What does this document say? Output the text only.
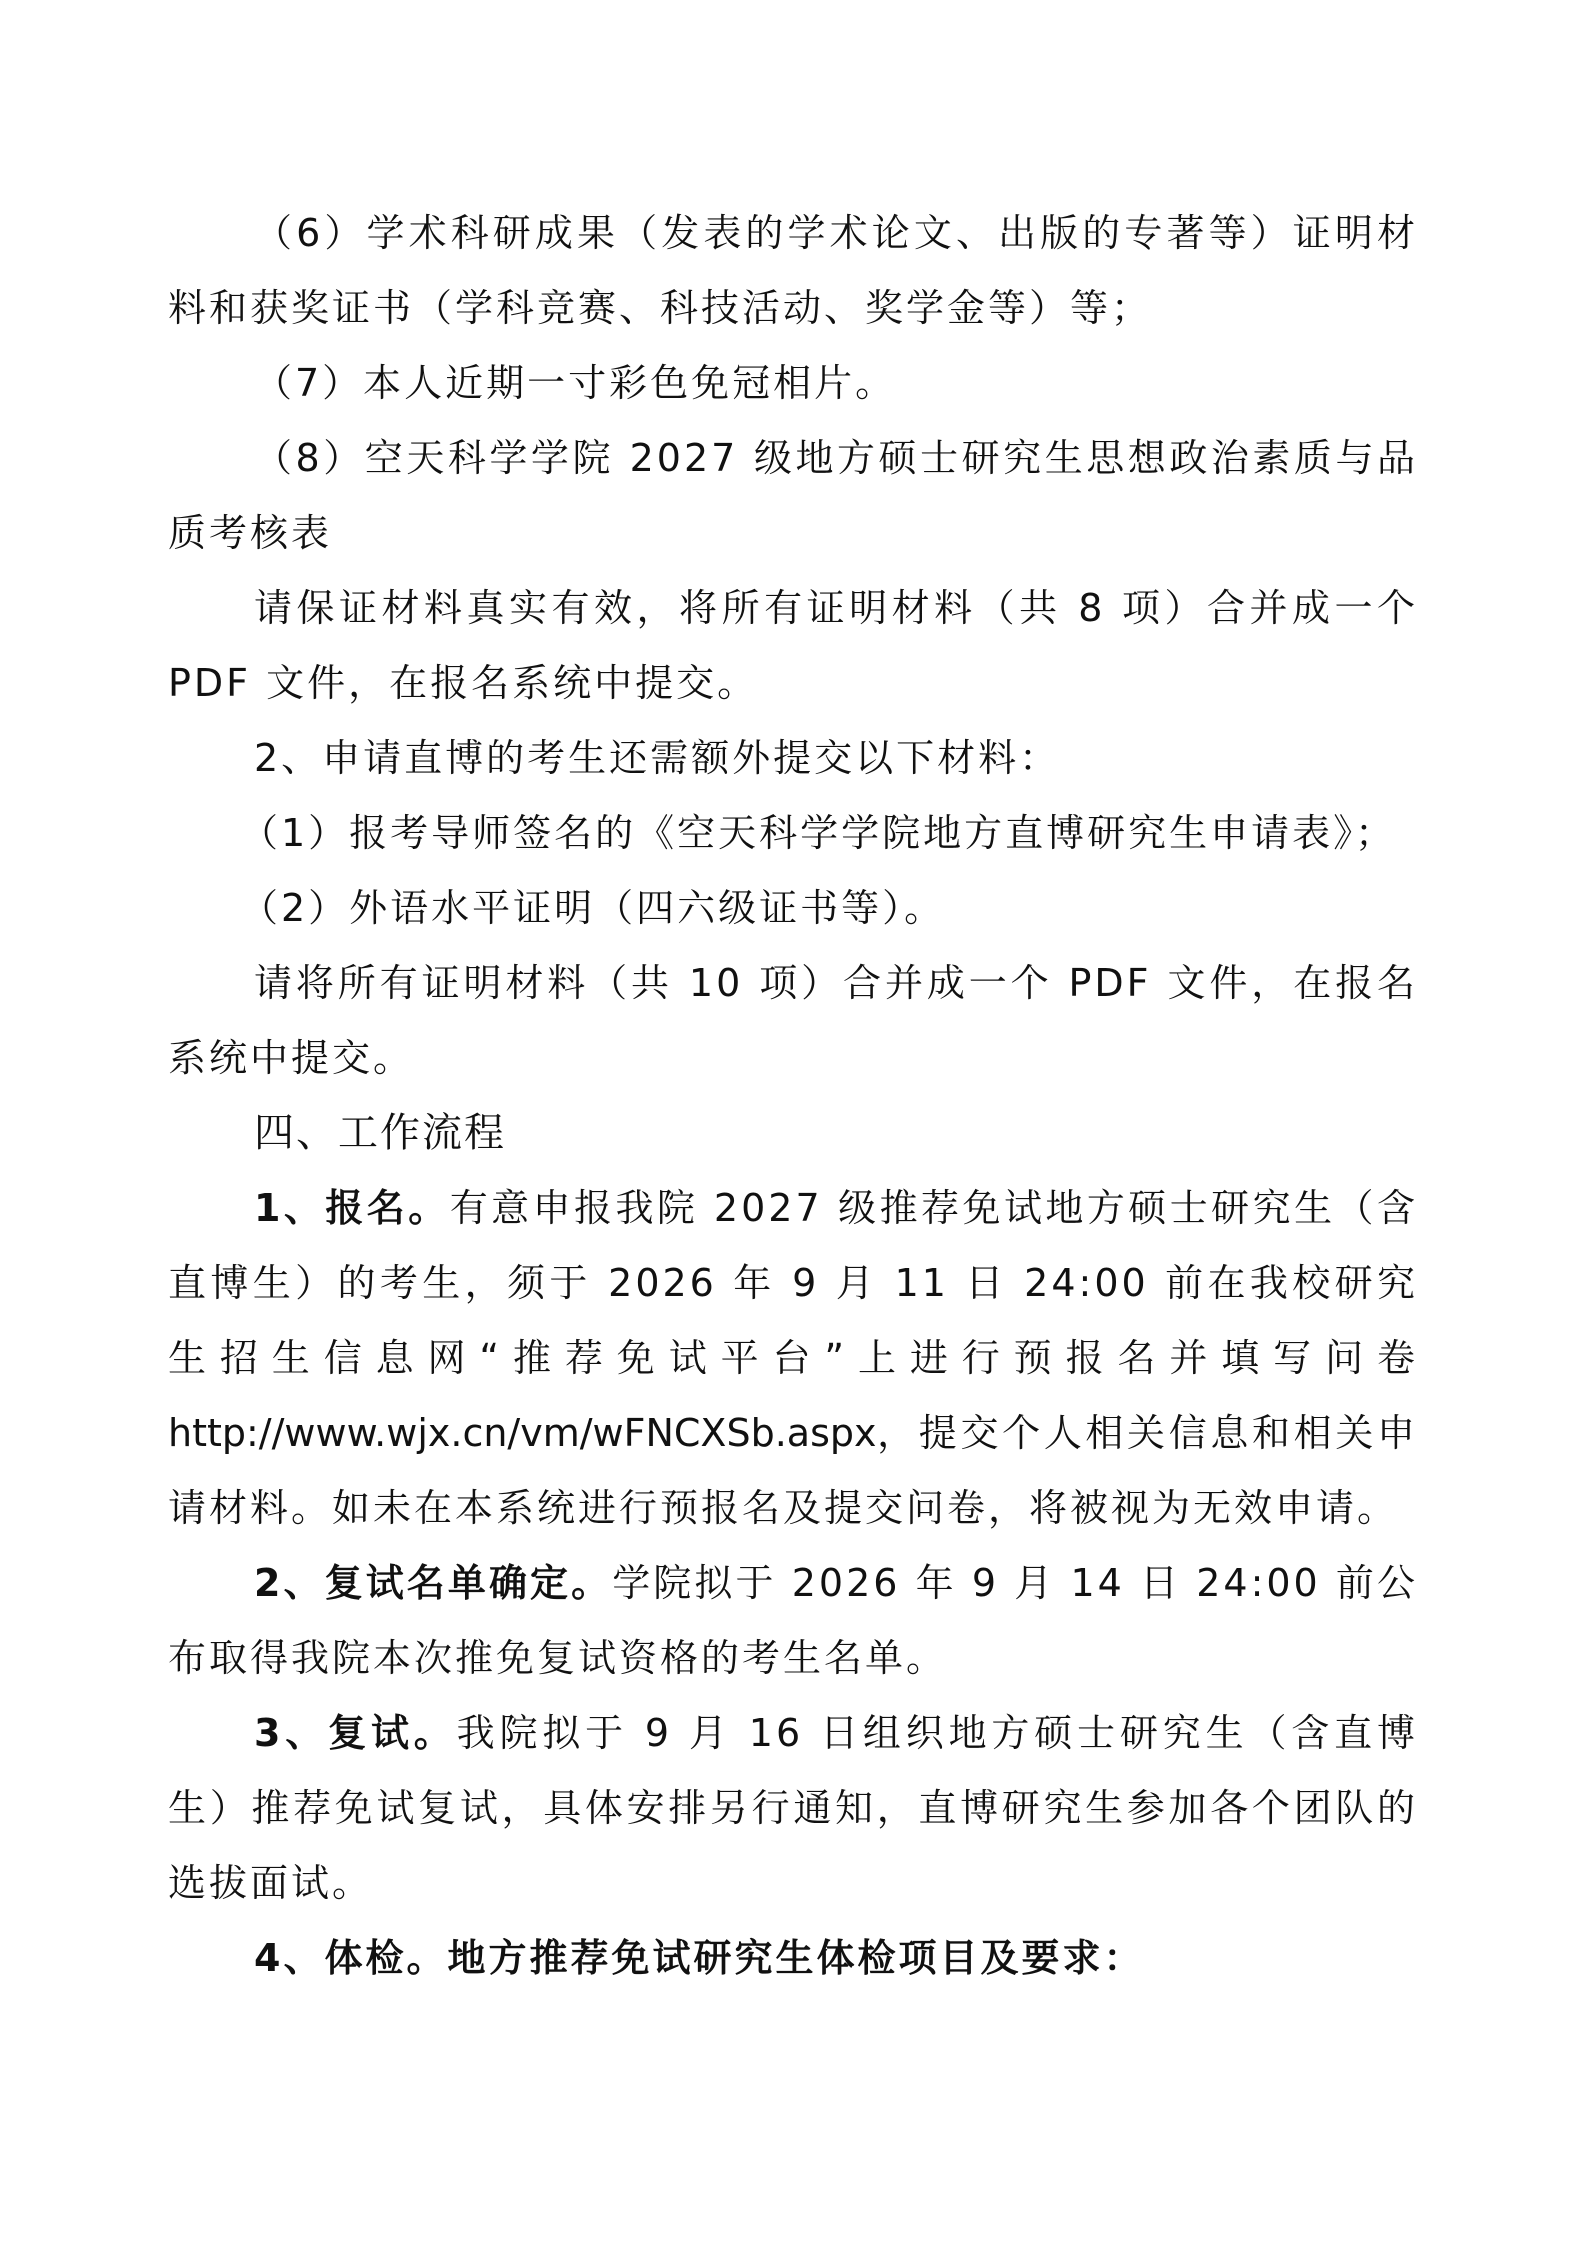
（6）学术科研成果（发表的学术论文、出版的专著等）证明材料和获奖证书（学科竞赛、科技活动、奖学金等）等；

（7）本人近期一寸彩色免冠相片。

（8）空天科学学院 2027 级地方硕士研究生思想政治素质与品质考核表

请保证材料真实有效，将所有证明材料（共 8 项）合并成一个 PDF 文件，在报名系统中提交。

2、申请直博的考生还需额外提交以下材料：

（1）报考导师签名的《空天科学学院地方直博研究生申请表》；

（2）外语水平证明（四六级证书等）。

请将所有证明材料（共 10 项）合并成一个 PDF 文件，在报名系统中提交。

四、工作流程

1、报名。有意申报我院 2027 级推荐免试地方硕士研究生（含直博生）的考生，须于 2026 年 9 月 11 日 24:00 前在我校研究生招生信息网“推荐免试平台”上进行预报名并填写问卷http://www.wjx.cn/vm/wFNCXSb.aspx，提交个人相关信息和相关申请材料。如未在本系统进行预报名及提交问卷，将被视为无效申请。

2、复试名单确定。学院拟于 2026 年 9 月 14 日 24:00 前公布取得我院本次推免复试资格的考生名单。

3、复试。我院拟于 9 月 16 日组织地方硕士研究生（含直博生）推荐免试复试，具体安排另行通知，直博研究生参加各个团队的选拔面试。

4、体检。地方推荐免试研究生体检项目及要求：
